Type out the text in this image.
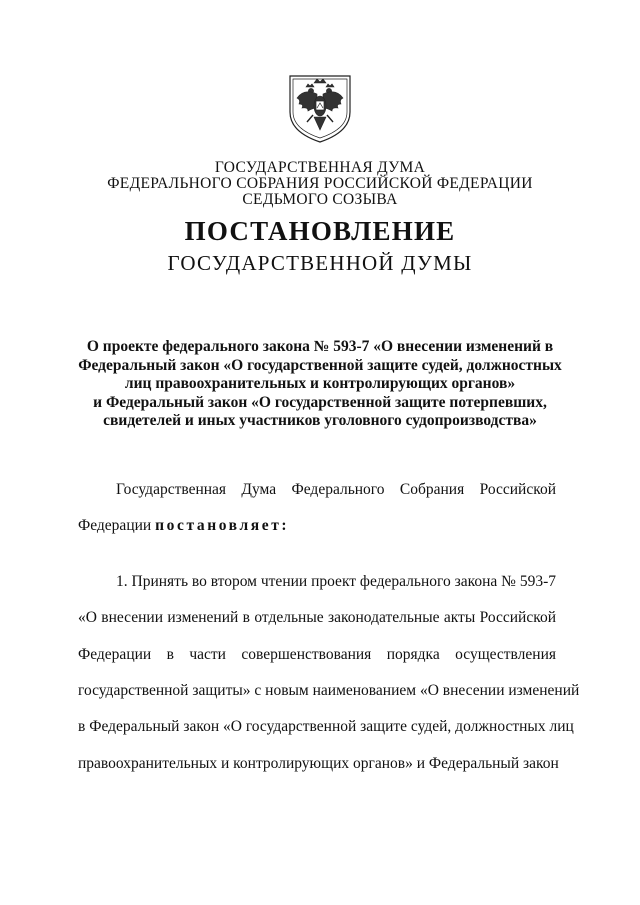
ГОСУДАРСТВЕННАЯ ДУМА
ФЕДЕРАЛЬНОГО СОБРАНИЯ РОССИЙСКОЙ ФЕДЕРАЦИИ
СЕДЬМОГО СОЗЫВА
ПОСТАНОВЛЕНИЕ
ГОСУДАРСТВЕННОЙ ДУМЫ
О проекте федерального закона № 593-7 «О внесении изменений в
Федеральный закон «О государственной защите судей, должностных
лиц правоохранительных и контролирующих органов»
и Федеральный закон «О государственной защите потерпевших,
свидетелей и иных участников уголовного судопроизводства»
Государственная Дума Федерального Собрания Российской
Федерации постановляет:
1. Принять во втором чтении проект федерального закона № 593-7
«О внесении изменений в отдельные законодательные акты Российской
Федерации в части совершенствования порядка осуществления
государственной защиты» с новым наименованием «О внесении изменений
в Федеральный закон «О государственной защите судей, должностных лиц
правоохранительных и контролирующих органов» и Федеральный закон
